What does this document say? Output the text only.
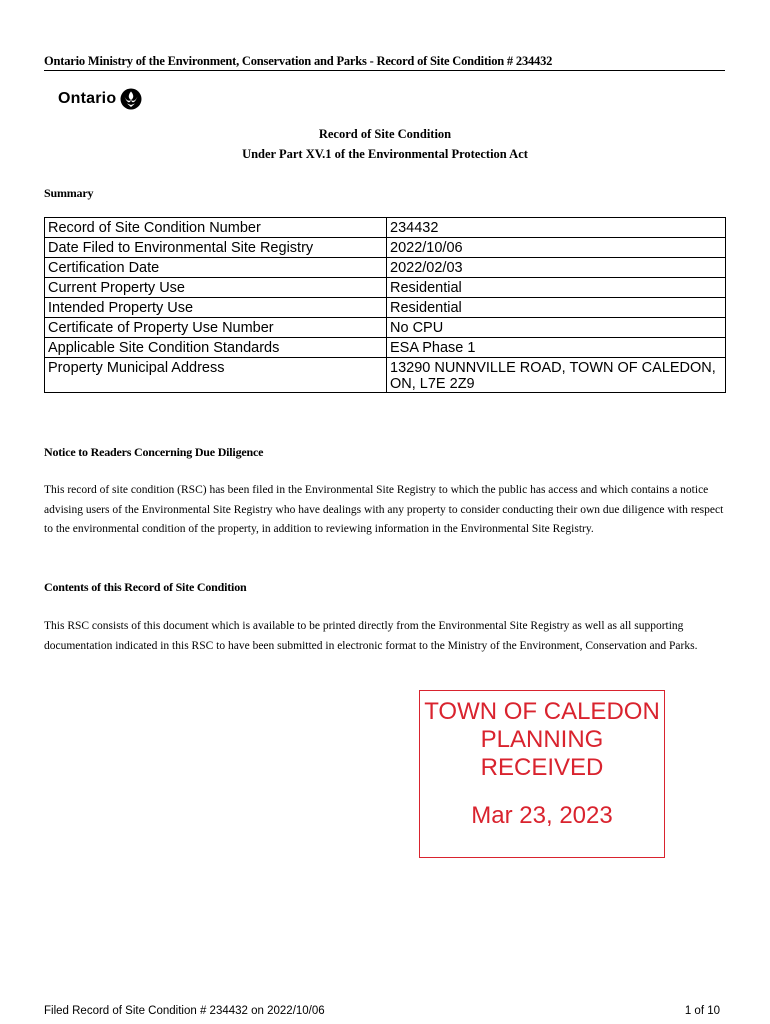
Ontario Ministry of the Environment, Conservation and Parks - Record of Site Condition # 234432
Ontario
Record of Site Condition
Under Part XV.1 of the Environmental Protection Act
Summary
Record of Site Condition Number	234432
Date Filed to Environmental Site Registry	2022/10/06
Certification Date	2022/02/03
Current Property Use	Residential
Intended Property Use	Residential
Certificate of Property Use Number	No CPU
Applicable Site Condition Standards	ESA Phase 1
Property Municipal Address	13290 NUNNVILLE ROAD, TOWN OF CALEDON, ON, L7E 2Z9
Notice to Readers Concerning Due Diligence
This record of site condition (RSC) has been filed in the Environmental Site Registry to which the public has access and which contains a notice advising users of the Environmental Site Registry who have dealings with any property to consider conducting their own due diligence with respect to the environmental condition of the property, in addition to reviewing information in the Environmental Site Registry.
Contents of this Record of Site Condition
This RSC consists of this document which is available to be printed directly from the Environmental Site Registry as well as all supporting documentation indicated in this RSC to have been submitted in electronic format to the Ministry of the Environment, Conservation and Parks.
TOWN OF CALEDON
PLANNING
RECEIVED
Mar 23, 2023
Filed Record of Site Condition # 234432 on 2022/10/06	1 of 10
